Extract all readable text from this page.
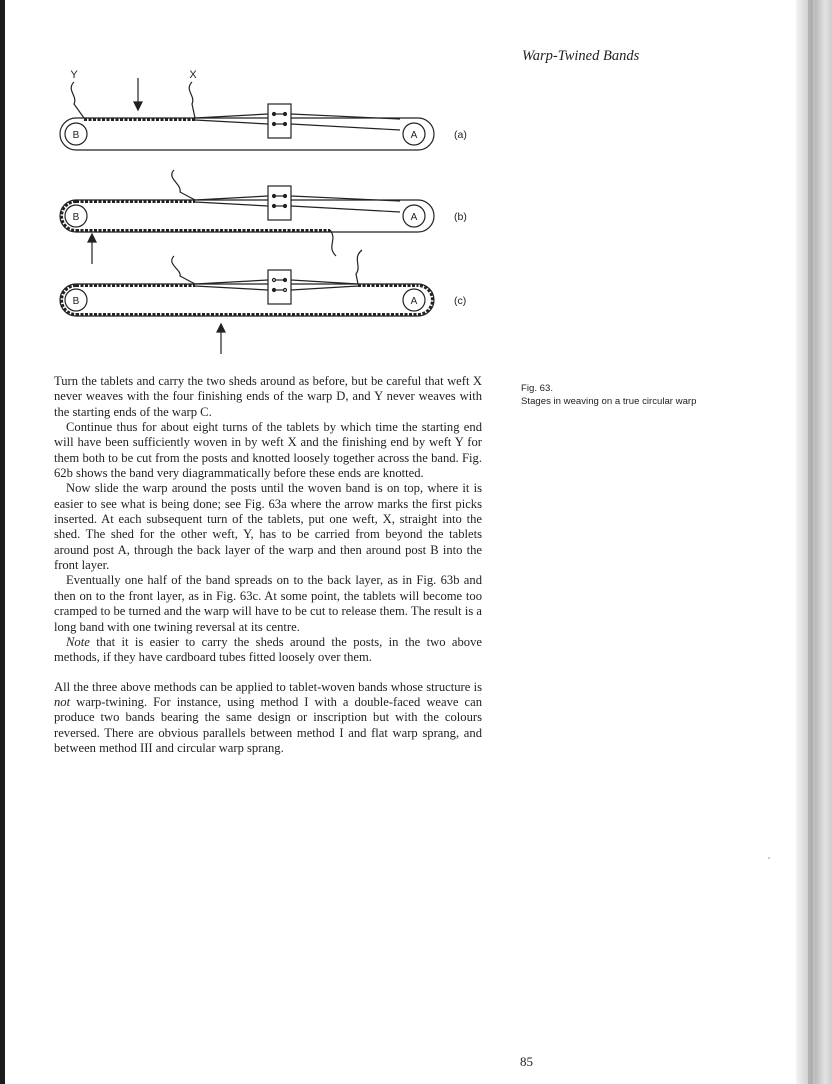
Warp-Twined Bands
B	A
B	A
B	A
Y	X
(a)
(b)
(c)
Fig. 63.
Stages in weaving on a true circular warp

Turn the tablets and carry the two sheds around as before, but be careful that weft X never weaves with the four finishing ends of the warp D, and Y never weaves with the starting ends of the warp C.

Continue thus for about eight turns of the tablets by which time the starting end will have been sufficiently woven in by weft X and the finishing end by weft Y for them both to be cut from the posts and knotted loosely together across the band. Fig. 62b shows the band very diagrammatically before these ends are knotted.

Now slide the warp around the posts until the woven band is on top, where it is easier to see what is being done; see Fig. 63a where the arrow marks the first picks inserted. At each subsequent turn of the tablets, put one weft, X, straight into the shed. The shed for the other weft, Y, has to be carried from beyond the tablets around post A, through the back layer of the warp and then around post B into the front layer.

Eventually one half of the band spreads on to the back layer, as in Fig. 63b and then on to the front layer, as in Fig. 63c. At some point, the tablets will become too cramped to be turned and the warp will have to be cut to release them. The result is a long band with one twining reversal at its centre.

Note that it is easier to carry the sheds around the posts, in the two above methods, if they have cardboard tubes fitted loosely over them.

All the three above methods can be applied to tablet-woven bands whose structure is not warp-twining. For instance, using method I with a double-faced weave can produce two bands bearing the same design or inscription but with the colours reversed. There are obvious parallels between method I and flat warp sprang, and between method III and circular warp sprang.

85
